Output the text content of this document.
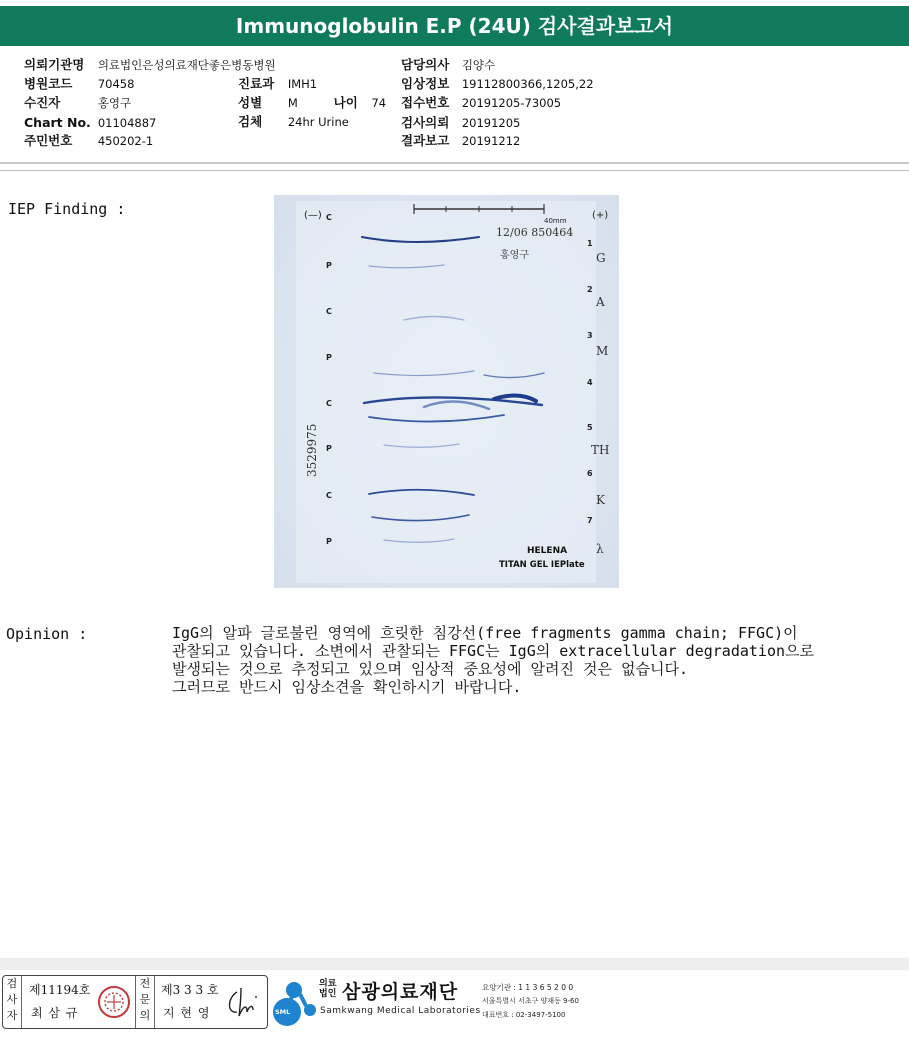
Immunoglobulin E.P (24U) 검사결과보고서
의뢰기관명 의료법인은성의료재단좋은병동병원
병원코드 70458
수진자	홍영구
Chart No. 01104887
주민번호 450202-1
진료과 IMH1
성별 M	나이 74
검체 24hr Urine
담당의사 김양수
임상정보 19112800366,1205,22
접수번호 20191205-73005
검사의뢰 20191205
결과보고 20191212
IEP Finding :
40mm
(—)	(+)
12/06 850464
홍영구
3529975
C
P
C
P
C
P
C
P
1
2
3
4
5
6
7
G
A
M
TH
K
λ
HELENA
TITAN GEL IEPlate
Opinion :	IgG의 알파 글로불린 영역에 흐릿한 침강선(free fragments gamma chain; FFGC)이

관찰되고 있습니다. 소변에서 관찰되는 FFGC는 IgG의 extracellular degradation으로

발생되는 것으로 추정되고 있으며 임상적 중요성에 알려진 것은 없습니다.

그러므로 반드시 임상소견을 확인하시기 바랍니다.

검사자
제11194호
최 삼 규
전문의
제3 3 3 호
지 현 영	SML
의료
법인 삼광의료재단
Samkwang Medical Laboratories
요양기관 : 1 1 3 6 5 2 0 0
서울특별시 서초구 양재동 9-60
대표번호 : 02-3497-5100
